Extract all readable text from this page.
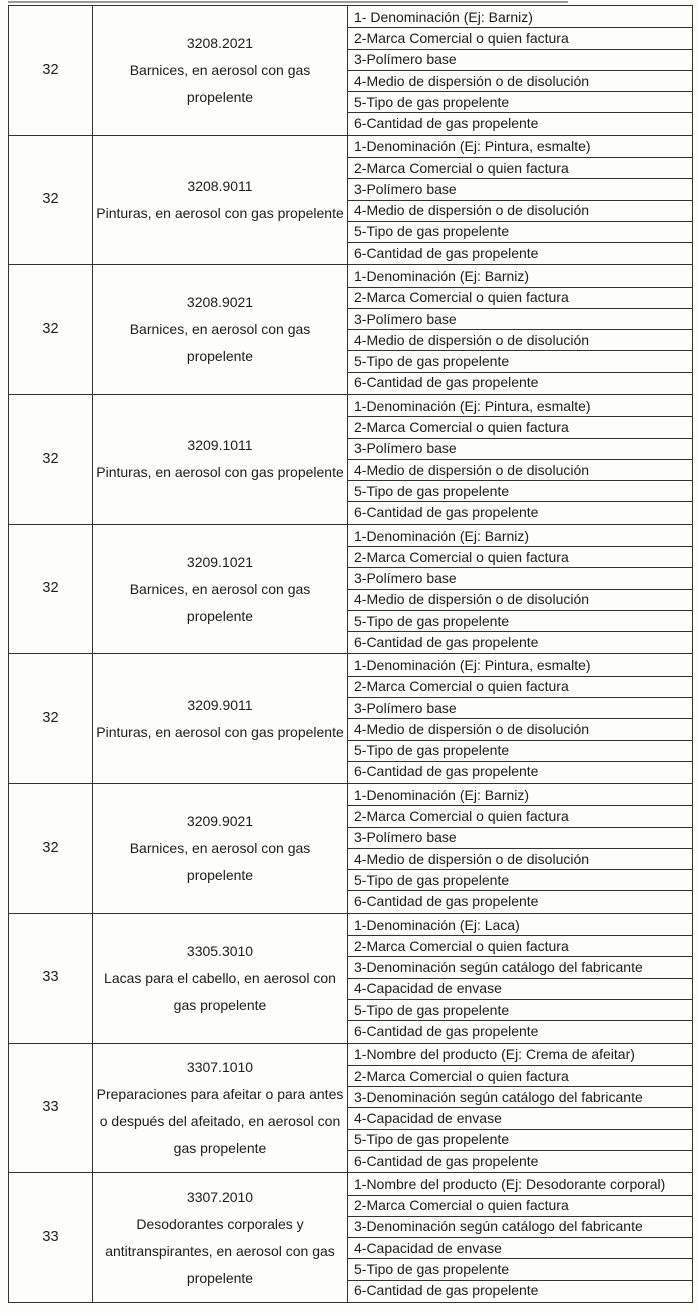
32	
3208.2021
Barnices, en aerosol con gas propelente

1- Denominación (Ej: Barniz)
2-Marca Comercial o quien factura
3-Polímero base
4-Medio de dispersión o de disolución
5-Tipo de gas propelente
6-Cantidad de gas propelente

32	
3208.9011
Pinturas, en aerosol con gas propelente

1-Denominación (Ej: Pintura, esmalte)
2-Marca Comercial o quien factura
3-Polímero base
4-Medio de dispersión o de disolución
5-Tipo de gas propelente
6-Cantidad de gas propelente

32	
3208.9021
Barnices, en aerosol con gas propelente

1-Denominación (Ej: Barniz)
2-Marca Comercial o quien factura
3-Polímero base
4-Medio de dispersión o de disolución
5-Tipo de gas propelente
6-Cantidad de gas propelente

32	
3209.1011
Pinturas, en aerosol con gas propelente

1-Denominación (Ej: Pintura, esmalte)
2-Marca Comercial o quien factura
3-Polímero base
4-Medio de dispersión o de disolución
5-Tipo de gas propelente
6-Cantidad de gas propelente

32	
3209.1021
Barnices, en aerosol con gas propelente

1-Denominación (Ej: Barniz)
2-Marca Comercial o quien factura
3-Polímero base
4-Medio de dispersión o de disolución
5-Tipo de gas propelente
6-Cantidad de gas propelente

32	
3209.9011
Pinturas, en aerosol con gas propelente

1-Denominación (Ej: Pintura, esmalte)
2-Marca Comercial o quien factura
3-Polímero base
4-Medio de dispersión o de disolución
5-Tipo de gas propelente
6-Cantidad de gas propelente

32	
3209.9021
Barnices, en aerosol con gas propelente

1-Denominación (Ej: Barniz)
2-Marca Comercial o quien factura
3-Polímero base
4-Medio de dispersión o de disolución
5-Tipo de gas propelente
6-Cantidad de gas propelente

33	
3305.3010
Lacas para el cabello, en aerosol con gas propelente

1-Denominación (Ej: Laca)
2-Marca Comercial o quien factura
3-Denominación según catálogo del fabricante
4-Capacidad de envase
5-Tipo de gas propelente
6-Cantidad de gas propelente

33	
3307.1010
Preparaciones para afeitar o para antes o después del afeitado, en aerosol con gas propelente

1-Nombre del producto (Ej: Crema de afeitar)
2-Marca Comercial o quien factura
3-Denominación según catálogo del fabricante
4-Capacidad de envase
5-Tipo de gas propelente
6-Cantidad de gas propelente

33	
3307.2010
Desodorantes corporales y antitranspirantes, en aerosol con gas propelente

1-Nombre del producto (Ej: Desodorante corporal)
2-Marca Comercial o quien factura
3-Denominación según catálogo del fabricante
4-Capacidad de envase
5-Tipo de gas propelente
6-Cantidad de gas propelente
